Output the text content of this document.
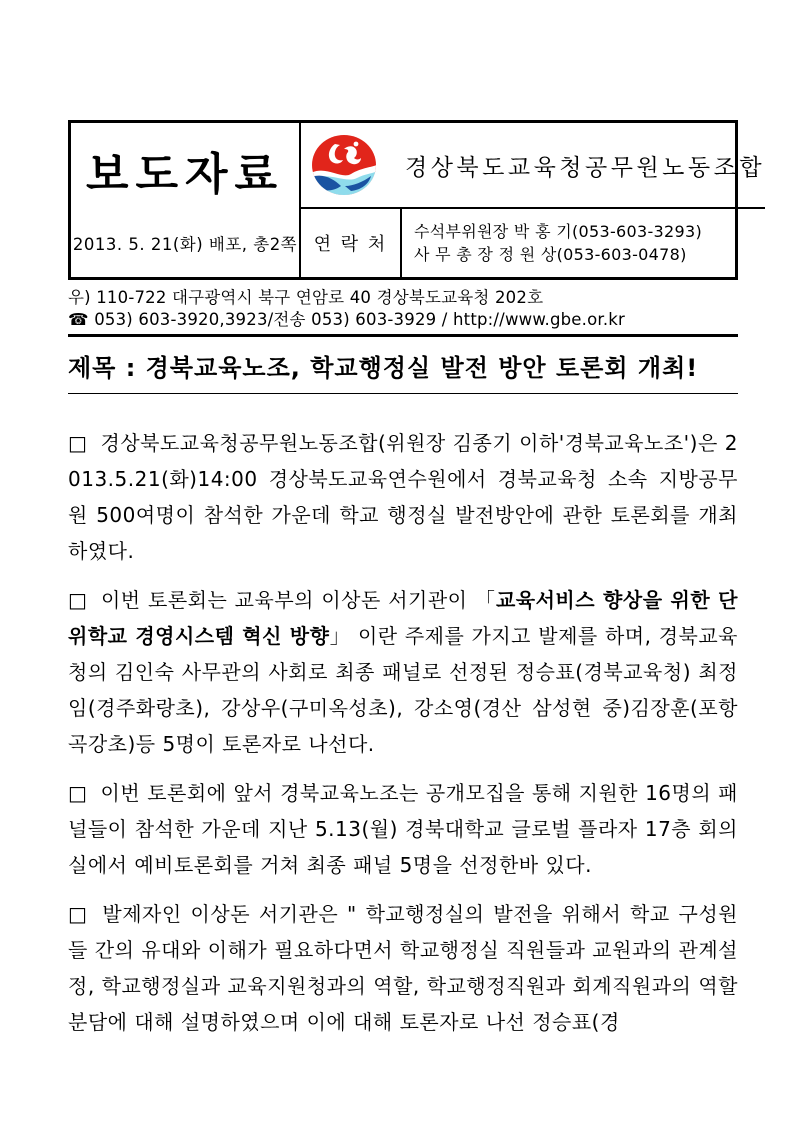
보도자료
2013. 5. 21(화) 배포, 총2쪽
경상북도교육청공무원노동조합
연 락 처
수석부위원장 박 홍 기(053-603-3293)
사 무 총 장 정 원 상(053-603-0478)
우) 110-722 대구광역시 북구 연암로 40 경상북도교육청 202호
☎ 053) 603-3920,3923/전송 053) 603-3929 / http://www.gbe.or.kr
제목 : 경북교육노조, 학교행정실 발전 방안 토론회 개최!

□ 경상북도교육청공무원노동조합(위원장 김종기 이하'경북교육노조')은 2013.5.21(화)14:00 경상북도교육연수원에서 경북교육청 소속 지방공무원 500여명이 참석한 가운데 학교 행정실 발전방안에 관한 토론회를 개최하였다.

□ 이번 토론회는 교육부의 이상돈 서기관이 「교육서비스 향상을 위한 단위학교 경영시스템 혁신 방향」 이란 주제를 가지고 발제를 하며, 경북교육청의 김인숙 사무관의 사회로 최종 패널로 선정된 정승표(경북교육청) 최정임(경주화랑초), 강상우(구미옥성초), 강소영(경산 삼성현 중)김장훈(포항곡강초)등 5명이 토론자로 나선다.

□ 이번 토론회에 앞서 경북교육노조는 공개모집을 통해 지원한 16명의 패널들이 참석한 가운데 지난 5.13(월) 경북대학교 글로벌 플라자 17층 회의실에서 예비토론회를 거쳐 최종 패널 5명을 선정한바 있다.

□ 발제자인 이상돈 서기관은 " 학교행정실의 발전을 위해서 학교 구성원들 간의 유대와 이해가 필요하다면서 학교행정실 직원들과 교원과의 관계설정, 학교행정실과 교육지원청과의 역할, 학교행정직원과 회계직원과의 역할분담에 대해 설명하였으며 이에 대해 토론자로 나선 정승표(경
